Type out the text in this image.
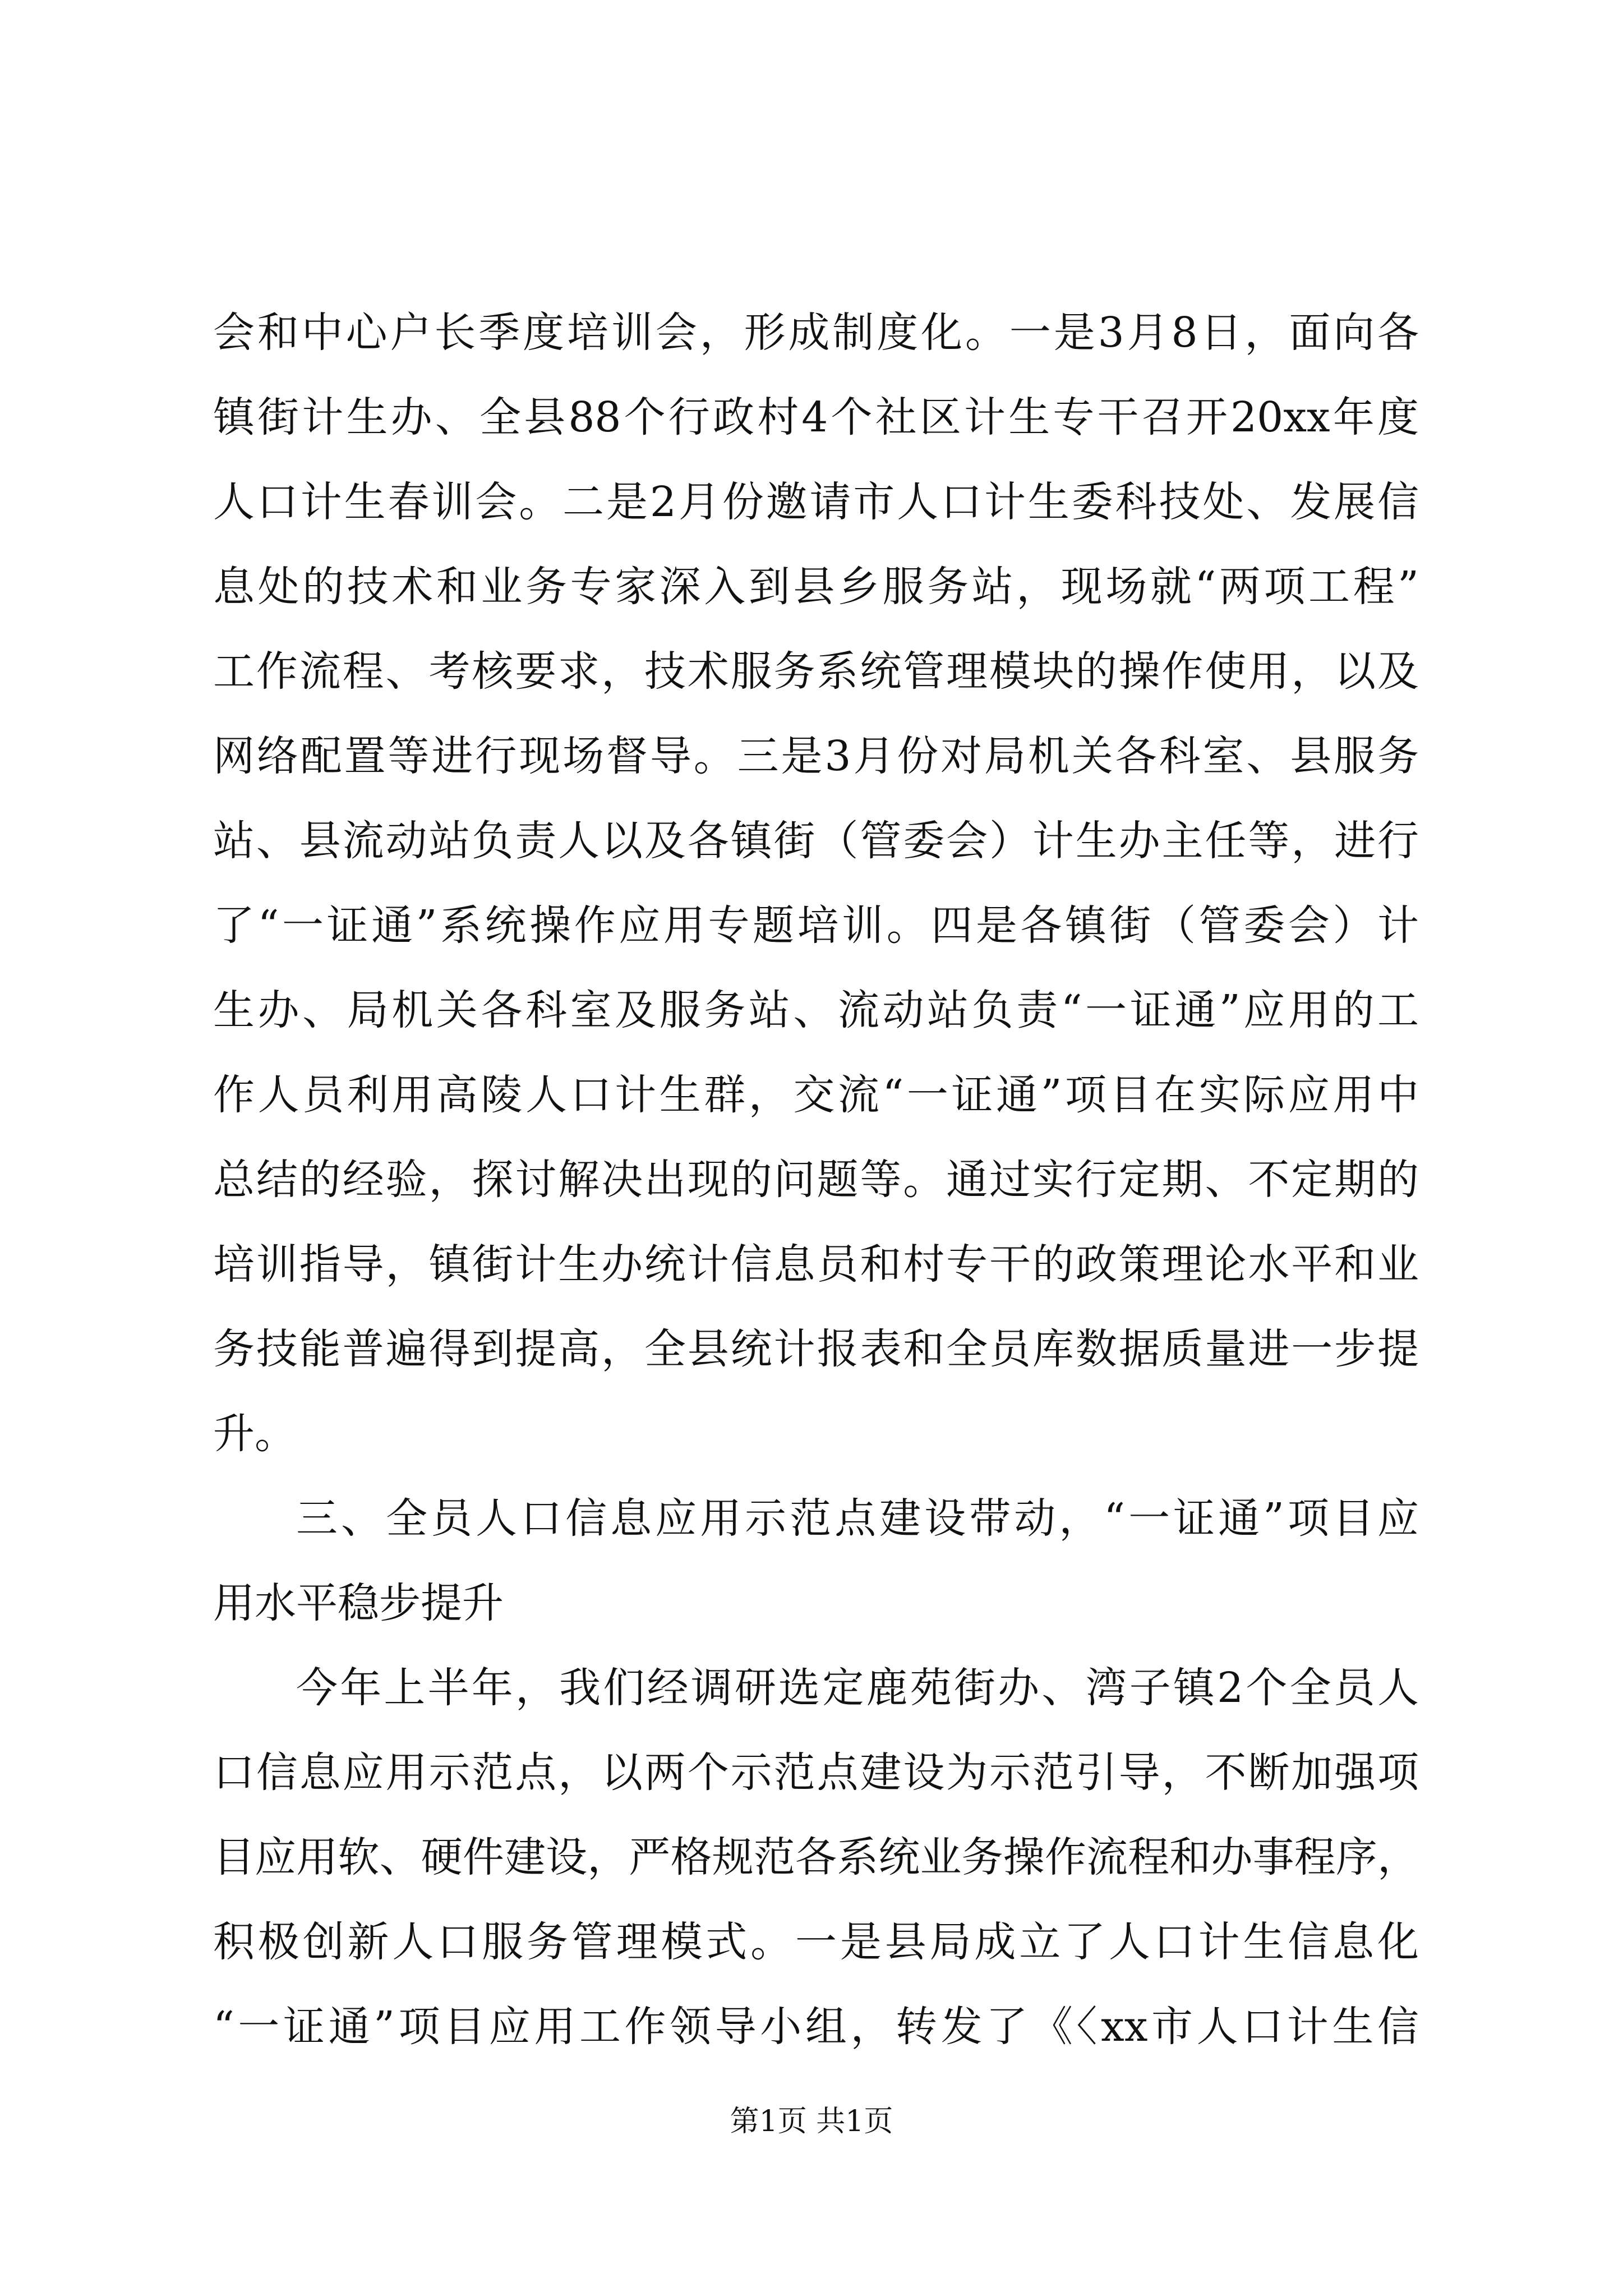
会和中心户长季度培训会，形成制度化。一是3月8日，面向各
镇街计生办、全县88个行政村4个社区计生专干召开20xx年度
人口计生春训会。二是2月份邀请市人口计生委科技处、发展信
息处的技术和业务专家深入到县乡服务站，现场就“两项工程”
工作流程、考核要求，技术服务系统管理模块的操作使用，以及
网络配置等进行现场督导。三是3月份对局机关各科室、县服务
站、县流动站负责人以及各镇街（管委会）计生办主任等，进行
了“一证通”系统操作应用专题培训。四是各镇街（管委会）计
生办、局机关各科室及服务站、流动站负责“一证通”应用的工
作人员利用高陵人口计生群，交流“一证通”项目在实际应用中
总结的经验，探讨解决出现的问题等。通过实行定期、不定期的
培训指导，镇街计生办统计信息员和村专干的政策理论水平和业
务技能普遍得到提高，全县统计报表和全员库数据质量进一步提
升。
三、全员人口信息应用示范点建设带动，“一证通”项目应
用水平稳步提升
今年上半年，我们经调研选定鹿苑街办、湾子镇2个全员人
口信息应用示范点，以两个示范点建设为示范引导，不断加强项
目应用软、硬件建设，严格规范各系统业务操作流程和办事程序，
积极创新人口服务管理模式。一是县局成立了人口计生信息化
“一证通”项目应用工作领导小组，转发了《〈xx市人口计生信
第1页 共1页
